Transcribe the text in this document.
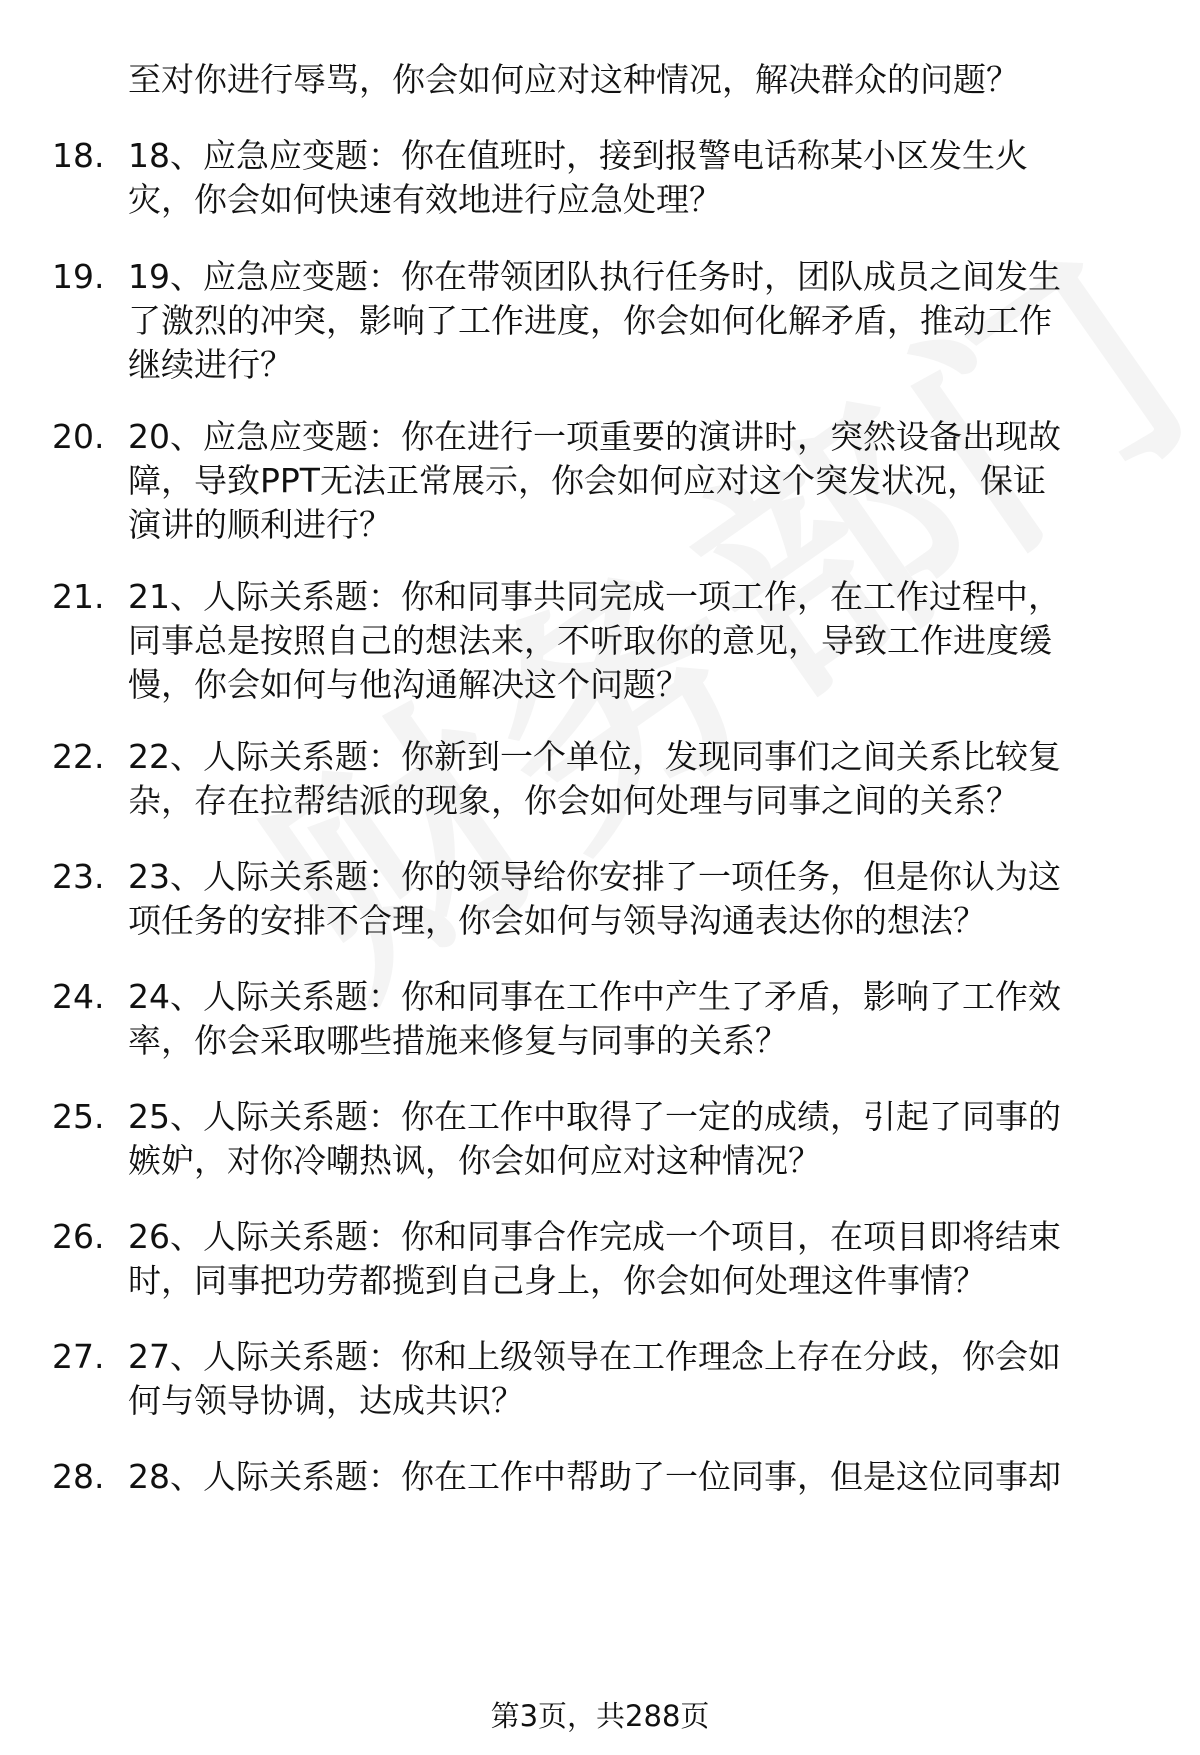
至对你进行辱骂，你会如何应对这种情况，解决群众的问题？
18. 18、应急应变题：你在值班时，接到报警电话称某小区发生火
灾，你会如何快速有效地进行应急处理？
19. 19、应急应变题：你在带领团队执行任务时，团队成员之间发生
了激烈的冲突，影响了工作进度，你会如何化解矛盾，推动工作
继续进行？
20. 20、应急应变题：你在进行一项重要的演讲时，突然设备出现故
障，导致PPT无法正常展示，你会如何应对这个突发状况，保证
演讲的顺利进行？
21. 21、人际关系题：你和同事共同完成一项工作，在工作过程中，
同事总是按照自己的想法来，不听取你的意见，导致工作进度缓
慢，你会如何与他沟通解决这个问题？
22. 22、人际关系题：你新到一个单位，发现同事们之间关系比较复
杂，存在拉帮结派的现象，你会如何处理与同事之间的关系？
23. 23、人际关系题：你的领导给你安排了一项任务，但是你认为这
项任务的安排不合理，你会如何与领导沟通表达你的想法？
24. 24、人际关系题：你和同事在工作中产生了矛盾，影响了工作效
率，你会采取哪些措施来修复与同事的关系？
25. 25、人际关系题：你在工作中取得了一定的成绩，引起了同事的
嫉妒，对你冷嘲热讽，你会如何应对这种情况？
26. 26、人际关系题：你和同事合作完成一个项目，在项目即将结束
时，同事把功劳都揽到自己身上，你会如何处理这件事情？
27. 27、人际关系题：你和上级领导在工作理念上存在分歧，你会如
何与领导协调，达成共识？
28. 28、人际关系题：你在工作中帮助了一位同事，但是这位同事却
第3页，共288页
